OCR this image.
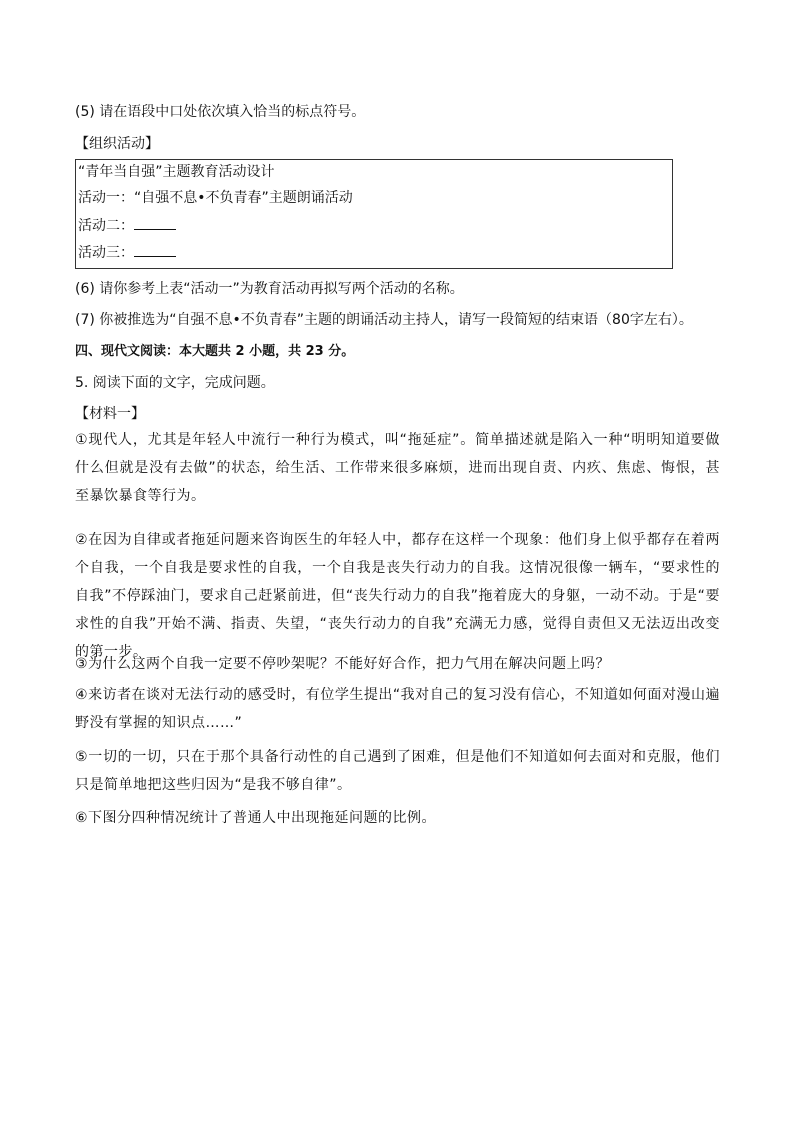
(5) 请在语段中口处依次填入恰当的标点符号。
【组织活动】
“青年当自强”主题教育活动设计
活动一：“自强不息•不负青春”主题朗诵活动
活动二：
活动三：
(6) 请你参考上表“活动一”为教育活动再拟写两个活动的名称。
(7) 你被推选为“自强不息•不负青春”主题的朗诵活动主持人，请写一段简短的结束语（80字左右）。
四、现代文阅读：本大题共 2 小题，共 23 分。
5. 阅读下面的文字，完成问题。
【材料一】
①现代人，尤其是年轻人中流行一种行为模式，叫“拖延症”。简单描述就是陷入一种“明明知道要做什么但就是没有去做”的状态，给生活、工作带来很多麻烦，进而出现自责、内疚、焦虑、悔恨，甚至暴饮暴食等行为。
②在因为自律或者拖延问题来咨询医生的年轻人中，都存在这样一个现象：他们身上似乎都存在着两个自我，一个自我是要求性的自我，一个自我是丧失行动力的自我。这情况很像一辆车，“要求性的自我”不停踩油门，要求自己赶紧前进，但“丧失行动力的自我”拖着庞大的身躯，一动不动。于是“要求性的自我”开始不满、指责、失望，“丧失行动力的自我”充满无力感，觉得自责但又无法迈出改变的第一步。
③为什么这两个自我一定要不停吵架呢？不能好好合作，把力气用在解决问题上吗？
④来访者在谈对无法行动的感受时，有位学生提出“我对自己的复习没有信心，不知道如何面对漫山遍野没有掌握的知识点……”
⑤一切的一切，只在于那个具备行动性的自己遇到了困难，但是他们不知道如何去面对和克服，他们只是简单地把这些归因为“是我不够自律”。
⑥下图分四种情况统计了普通人中出现拖延问题的比例。
